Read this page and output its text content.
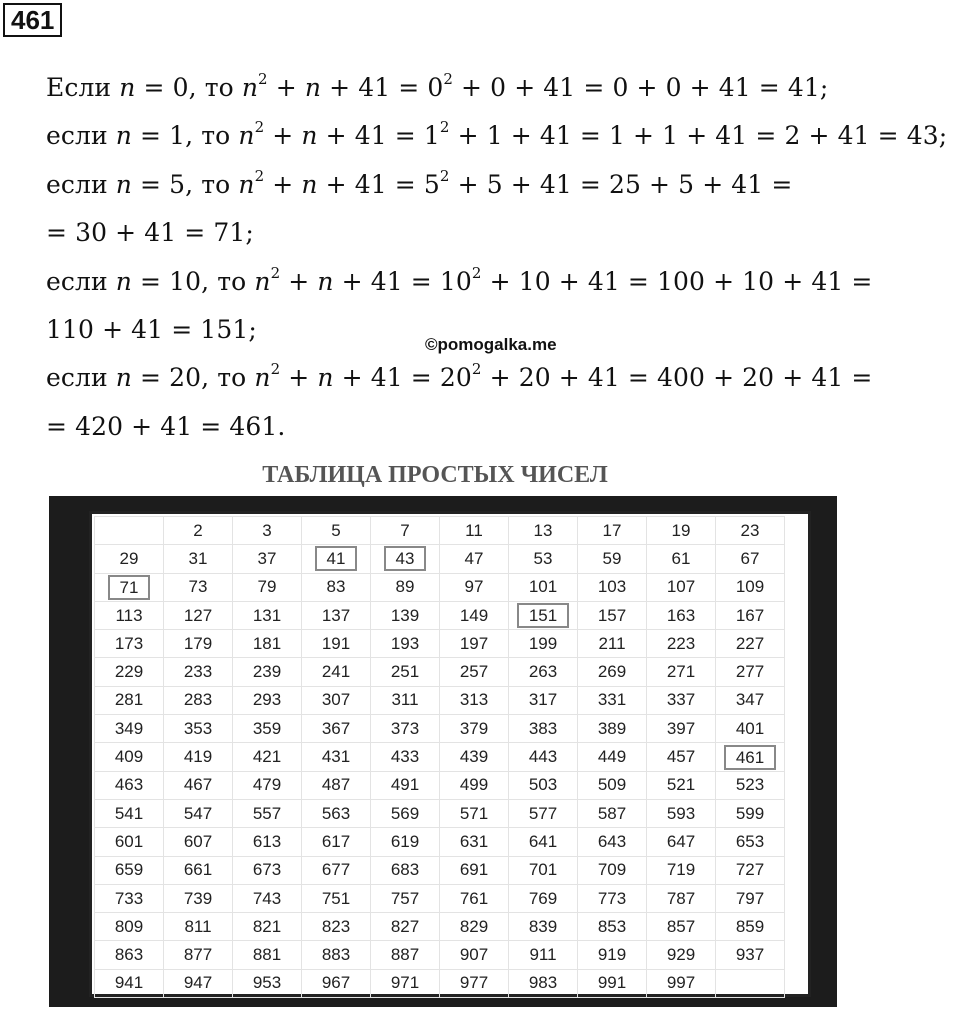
461
Если n = 0, то $n^2 + n + 41 = 0^2 + 0 + 41 = 0 + 0 + 41 = 41$;
если n = 1, то $n^2 + n + 41 = 1^2 + 1 + 41 = 1 + 1 + 41 = 2 + 41 = 43$;
если n = 5, то $n^2 + n + 41 = 5^2 + 5 + 41 = 25 + 5 + 41$ =
= 30 + 41 = 71;
если n = 10, то $n^2 + n + 41 = 10^2 + 10 + 41 = 100 + 10 + 41$ =
110 + 41 = 151;
если n = 20, то $n^2 + n + 41 = 20^2 + 20 + 41 = 400 + 20 + 41$ =
= 420 + 41 = 461.
©pomogalka.me
ТАБЛИЦА ПРОСТЫХ ЧИСЕЛ
	2	3	5	7	11	13	17	19	23
29	31	37	41	43	47	53	59	61	67
71	73	79	83	89	97	101	103	107	109
113	127	131	137	139	149	151	157	163	167
173	179	181	191	193	197	199	211	223	227
229	233	239	241	251	257	263	269	271	277
281	283	293	307	311	313	317	331	337	347
349	353	359	367	373	379	383	389	397	401
409	419	421	431	433	439	443	449	457	461
463	467	479	487	491	499	503	509	521	523
541	547	557	563	569	571	577	587	593	599
601	607	613	617	619	631	641	643	647	653
659	661	673	677	683	691	701	709	719	727
733	739	743	751	757	761	769	773	787	797
809	811	821	823	827	829	839	853	857	859
863	877	881	883	887	907	911	919	929	937
941	947	953	967	971	977	983	991	997	
